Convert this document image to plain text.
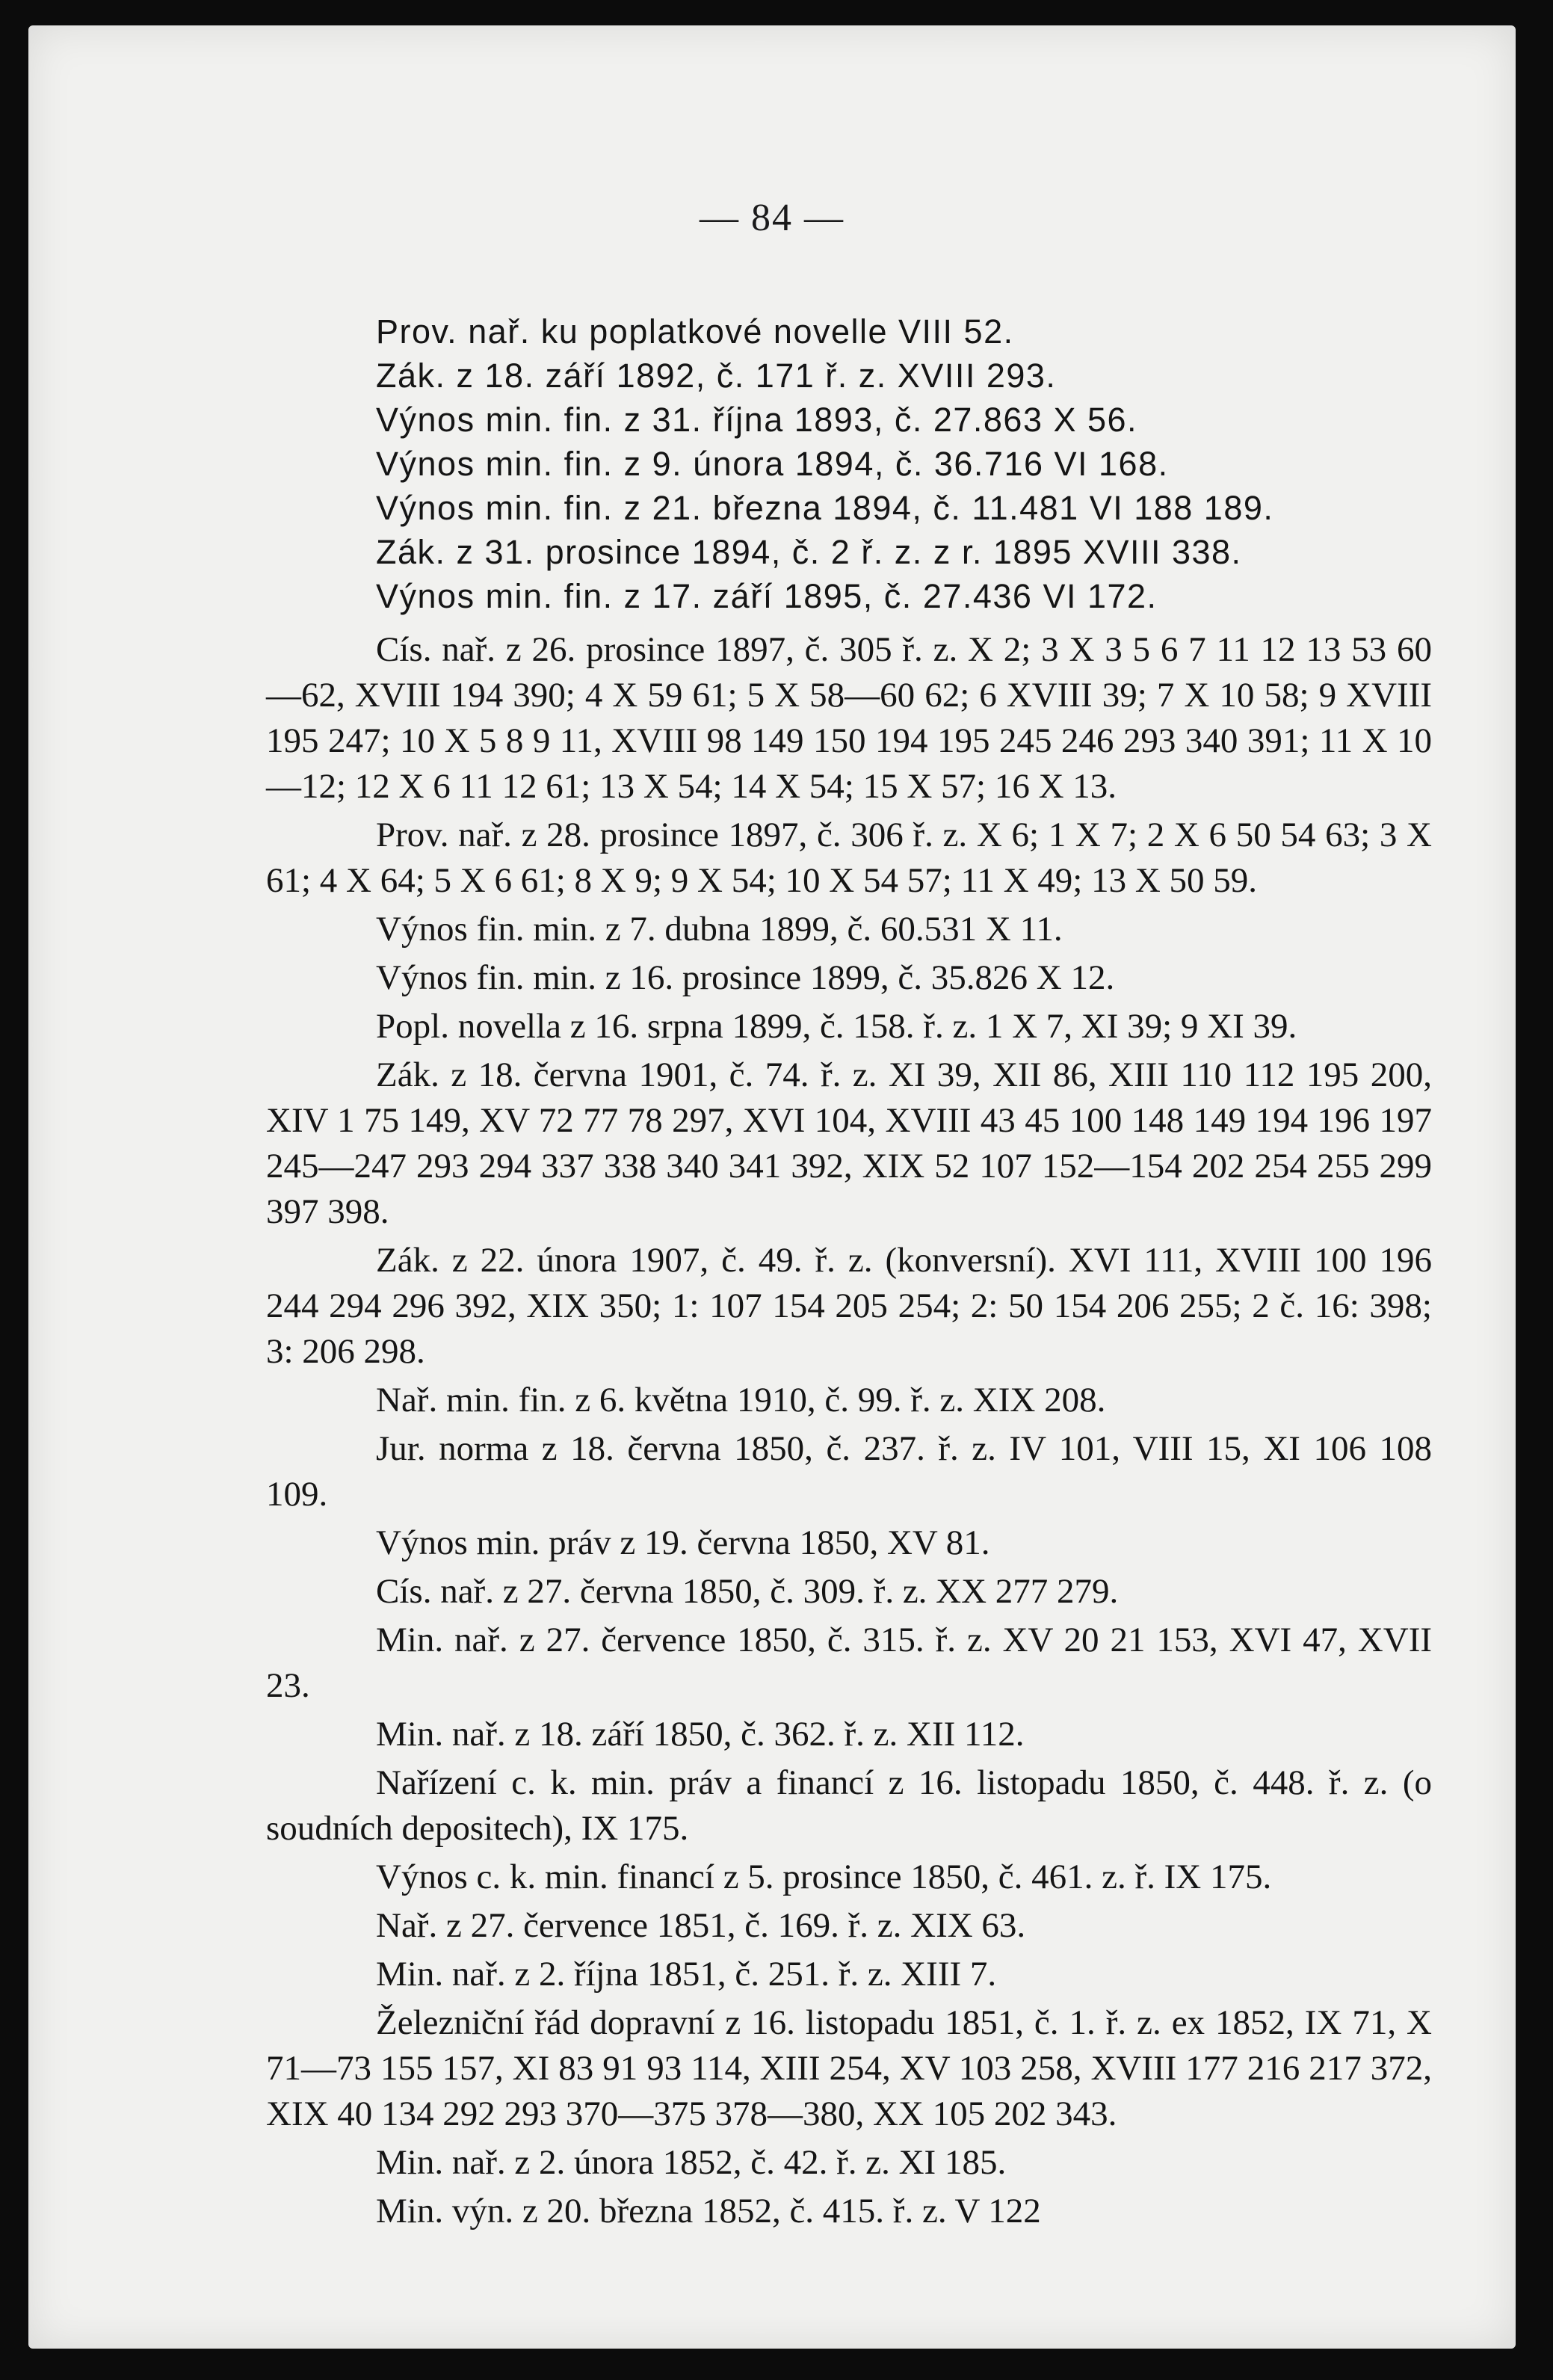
— 84 —
Prov. nař. ku poplatkové novelle VIII 52.
Zák. z 18. září 1892, č. 171 ř. z. XVIII 293.
Výnos min. fin. z 31. října 1893, č. 27.863 X 56.
Výnos min. fin. z 9. února 1894, č. 36.716 VI 168.
Výnos min. fin. z 21. března 1894, č. 11.481 VI 188 189.
Zák. z 31. prosince 1894, č. 2 ř. z. z r. 1895 XVIII 338.
Výnos min. fin. z 17. září 1895, č. 27.436 VI 172.
Cís. nař. z 26. prosince 1897, č. 305 ř. z. X 2; 3 X 3 5 6 7 11 12 13 53 60—62, XVIII 194 390; 4 X 59 61; 5 X 58—60 62; 6 XVIII 39; 7 X 10 58; 9 XVIII 195 247; 10 X 5 8 9 11, XVIII 98 149 150 194 195 245 246 293 340 391; 11 X 10—12; 12 X 6 11 12 61; 13 X 54; 14 X 54; 15 X 57; 16 X 13.
Prov. nař. z 28. prosince 1897, č. 306 ř. z. X 6; 1 X 7; 2 X 6 50 54 63; 3 X 61; 4 X 64; 5 X 6 61; 8 X 9; 9 X 54; 10 X 54 57; 11 X 49; 13 X 50 59.
Výnos fin. min. z 7. dubna 1899, č. 60.531 X 11.
Výnos fin. min. z 16. prosince 1899, č. 35.826 X 12.
Popl. novella z 16. srpna 1899, č. 158. ř. z. 1 X 7, XI 39; 9 XI 39.
Zák. z 18. června 1901, č. 74. ř. z. XI 39, XII 86, XIII 110 112 195 200, XIV 1 75 149, XV 72 77 78 297, XVI 104, XVIII 43 45 100 148 149 194 196 197 245—247 293 294 337 338 340 341 392, XIX 52 107 152—154 202 254 255 299 397 398.
Zák. z 22. února 1907, č. 49. ř. z. (konversní). XVI 111, XVIII 100 196 244 294 296 392, XIX 350; 1: 107 154 205 254; 2: 50 154 206 255; 2 č. 16: 398; 3: 206 298.
Nař. min. fin. z 6. května 1910, č. 99. ř. z. XIX 208.
Jur. norma z 18. června 1850, č. 237. ř. z. IV 101, VIII 15, XI 106 108 109.
Výnos min. práv z 19. června 1850, XV 81.
Cís. nař. z 27. června 1850, č. 309. ř. z. XX 277 279.
Min. nař. z 27. července 1850, č. 315. ř. z. XV 20 21 153, XVI 47, XVII 23.
Min. nař. z 18. září 1850, č. 362. ř. z. XII 112.
Nařízení c. k. min. práv a financí z 16. listopadu 1850, č. 448. ř. z. (o soudních depositech), IX 175.
Výnos c. k. min. financí z 5. prosince 1850, č. 461. z. ř. IX 175.
Nař. z 27. července 1851, č. 169. ř. z. XIX 63.
Min. nař. z 2. října 1851, č. 251. ř. z. XIII 7.
Železniční řád dopravní z 16. listopadu 1851, č. 1. ř. z. ex 1852, IX 71, X 71—73 155 157, XI 83 91 93 114, XIII 254, XV 103 258, XVIII 177 216 217 372, XIX 40 134 292 293 370—375 378—380, XX 105 202 343.
Min. nař. z 2. února 1852, č. 42. ř. z. XI 185.
Min. výn. z 20. března 1852, č. 415. ř. z. V 122
